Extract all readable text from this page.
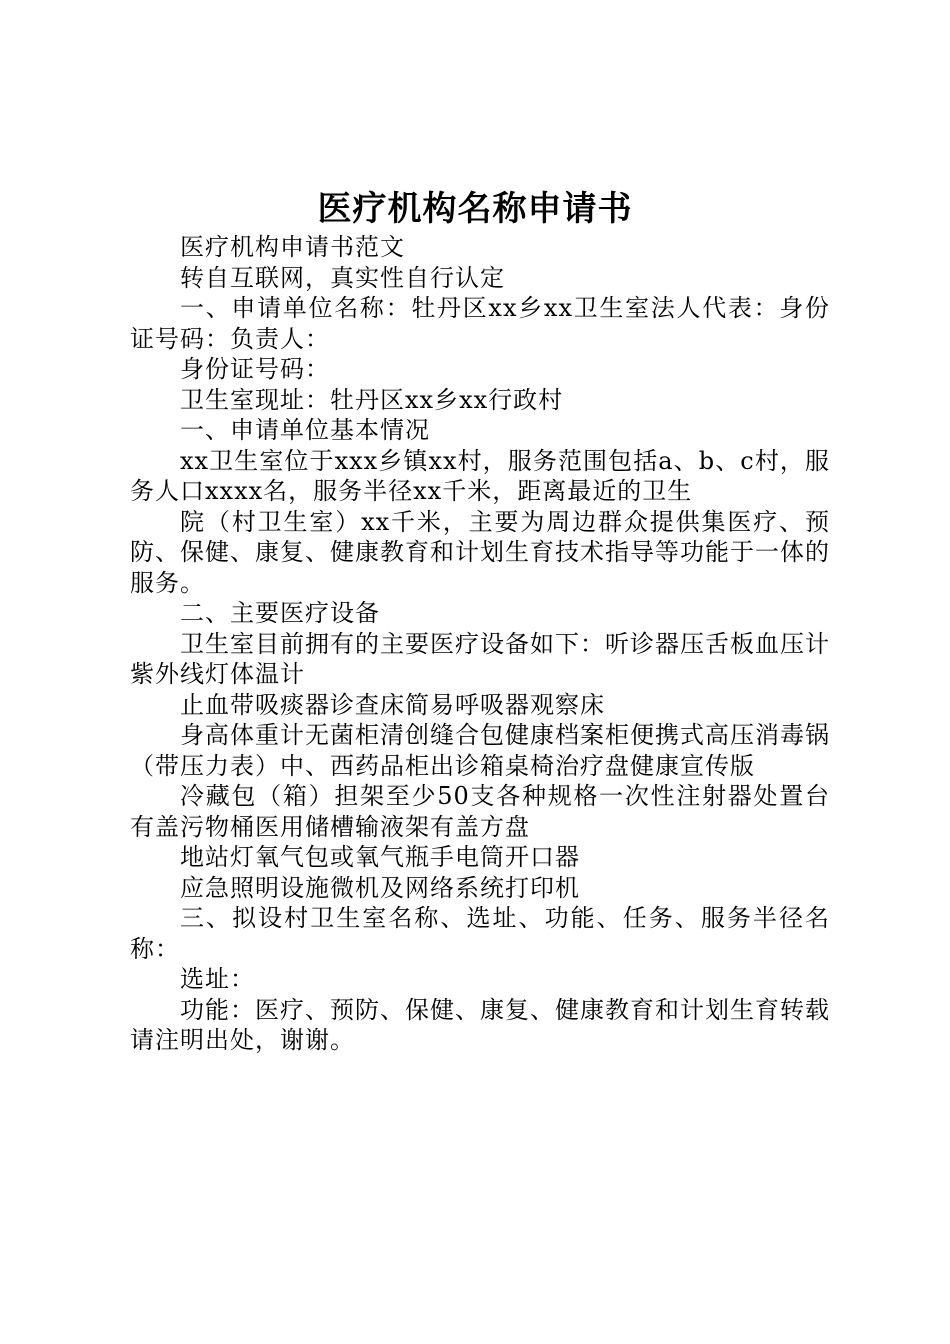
医疗机构名称申请书

医疗机构申请书范文

转自互联网，真实性自行认定

一、申请单位名称：牡丹区xx乡xx卫生室法人代表：身份证号码：负责人：

身份证号码：

卫生室现址：牡丹区xx乡xx行政村

一、申请单位基本情况

xx卫生室位于xxx乡镇xx村，服务范围包括a、b、c村，服务人口xxxx名，服务半径xx千米，距离最近的卫生

院（村卫生室）xx千米，主要为周边群众提供集医疗、预防、保健、康复、健康教育和计划生育技术指导等功能于一体的服务。

二、主要医疗设备

卫生室目前拥有的主要医疗设备如下：听诊器压舌板血压计紫外线灯体温计

止血带吸痰器诊查床简易呼吸器观察床

身高体重计无菌柜清创缝合包健康档案柜便携式高压消毒锅（带压力表）中、西药品柜出诊箱桌椅治疗盘健康宣传版

冷藏包（箱）担架至少50支各种规格一次性注射器处置台有盖污物桶医用储槽输液架有盖方盘

地站灯氧气包或氧气瓶手电筒开口器

应急照明设施微机及网络系统打印机

三、拟设村卫生室名称、选址、功能、任务、服务半径名称：

选址：

功能：医疗、预防、保健、康复、健康教育和计划生育转载请注明出处，谢谢。
